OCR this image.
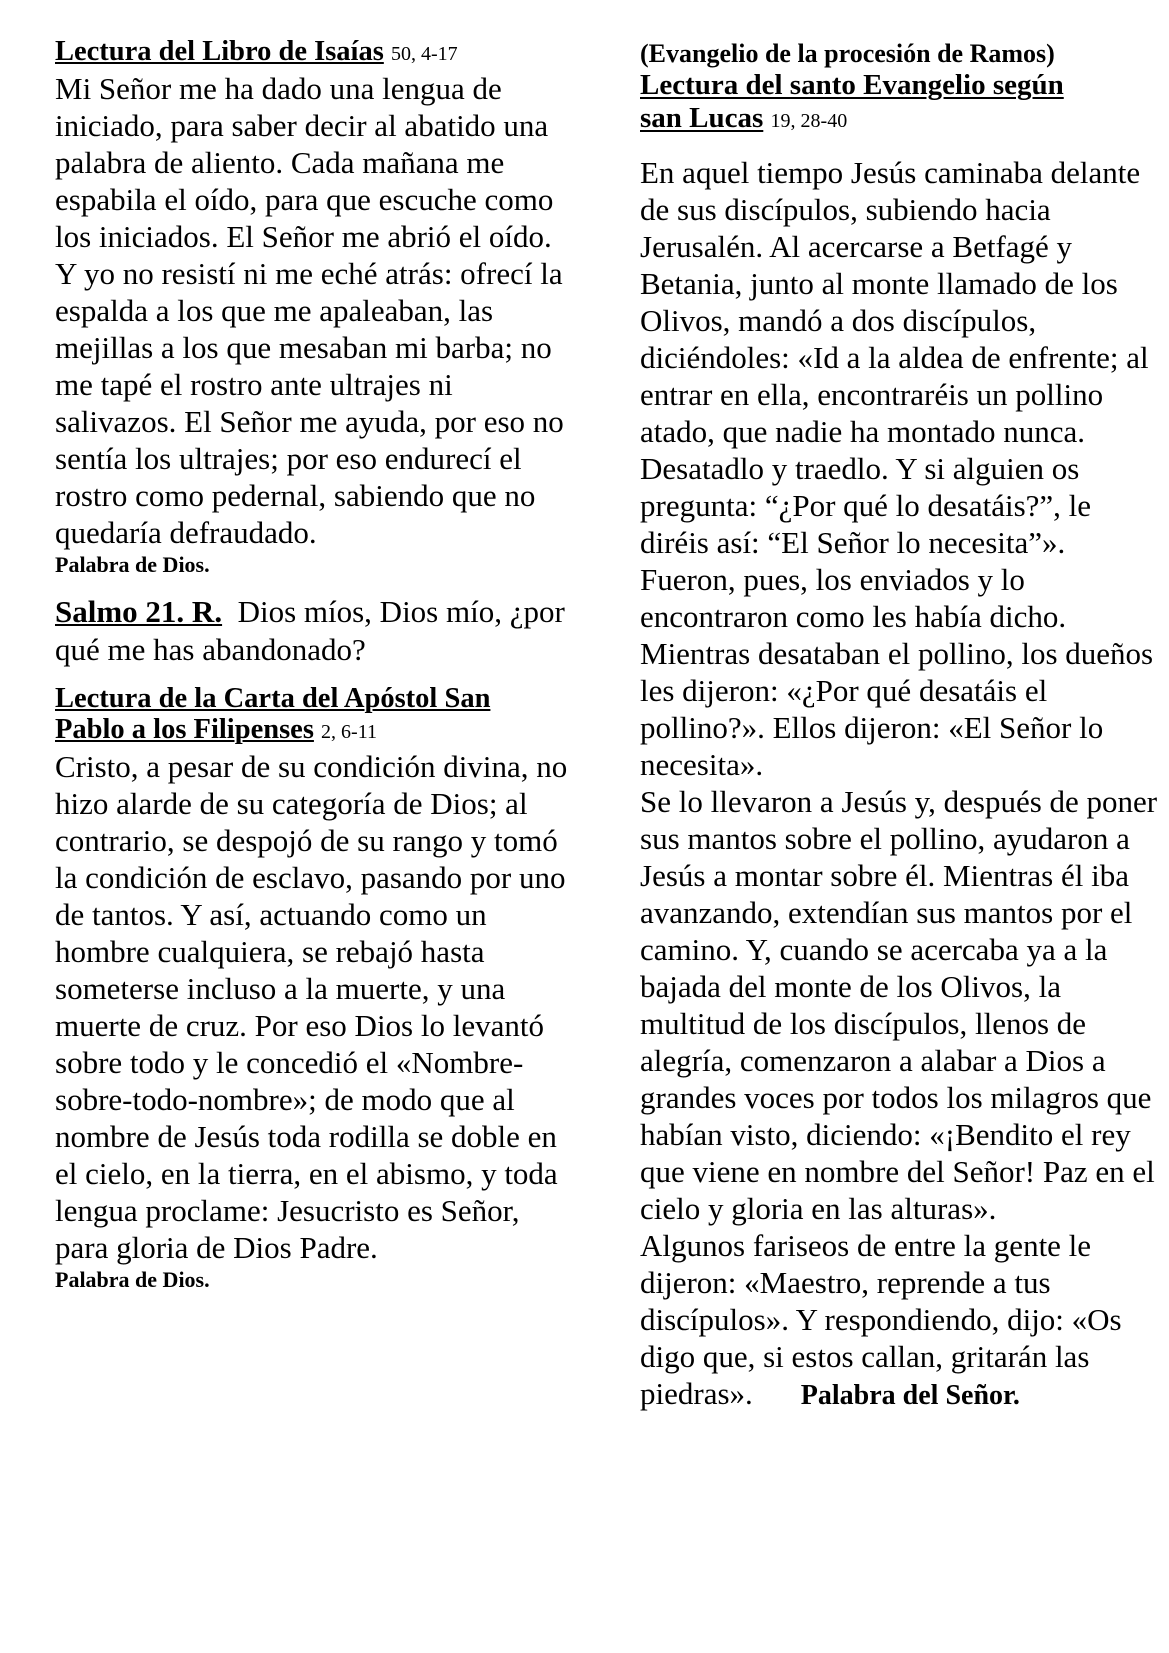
Lectura del Libro de Isaías 50, 4-17

Mi Señor me ha dado una lengua de iniciado, para saber decir al abatido una palabra de aliento. Cada mañana me espabila el oído, para que escuche como los iniciados. El Señor me abrió el oído. Y yo no resistí ni me eché atrás: ofrecí la espalda a los que me apaleaban, las mejillas a los que mesaban mi barba; no me tapé el rostro ante ultrajes ni salivazos. El Señor me ayuda, por eso no sentía los ultrajes; por eso endurecí el rostro como pedernal, sabiendo que no quedaría defraudado.

Palabra de Dios.

Salmo 21. R. Dios míos, Dios mío, ¿por qué me has abandonado?

Lectura de la Carta del Apóstol San
Pablo a los Filipenses 2, 6-11

Cristo, a pesar de su condición divina, no hizo alarde de su categoría de Dios; al contrario, se despojó de su rango y tomó la condición de esclavo, pasando por uno de tantos. Y así, actuando como un hombre cualquiera, se rebajó hasta someterse incluso a la muerte, y una muerte de cruz. Por eso Dios lo levantó sobre todo y le concedió el «Nombre-sobre-todo-nombre»; de modo que al nombre de Jesús toda rodilla se doble en el cielo, en la tierra, en el abismo, y toda lengua proclame: Jesucristo es Señor, para gloria de Dios Padre.

Palabra de Dios.

(Evangelio de la procesión de Ramos)

Lectura del santo Evangelio según
san Lucas 19, 28-40

En aquel tiempo Jesús caminaba delante de sus discípulos, subiendo hacia Jerusalén. Al acercarse a Betfagé y Betania, junto al monte llamado de los Olivos, mandó a dos discípulos, diciéndoles: «Id a la aldea de enfrente; al entrar en ella, encontraréis un pollino atado, que nadie ha montado nunca. Desatadlo y traedlo. Y si alguien os pregunta: “¿Por qué lo desatáis?”, le diréis así: “El Señor lo necesita”».

Fueron, pues, los enviados y lo encontraron como les había dicho. Mientras desataban el pollino, los dueños les dijeron: «¿Por qué desatáis el pollino?». Ellos dijeron: «El Señor lo necesita».

Se lo llevaron a Jesús y, después de poner sus mantos sobre el pollino, ayudaron a Jesús a montar sobre él. Mientras él iba avanzando, extendían sus mantos por el camino. Y, cuando se acercaba ya a la bajada del monte de los Olivos, la multitud de los discípulos, llenos de alegría, comenzaron a alabar a Dios a grandes voces por todos los milagros que habían visto, diciendo: «¡Bendito el rey que viene en nombre del Señor! Paz en el cielo y gloria en las alturas».

Algunos fariseos de entre la gente le dijeron: «Maestro, reprende a tus discípulos». Y respondiendo, dijo: «Os digo que, si estos callan, gritarán las piedras». Palabra del Señor.
